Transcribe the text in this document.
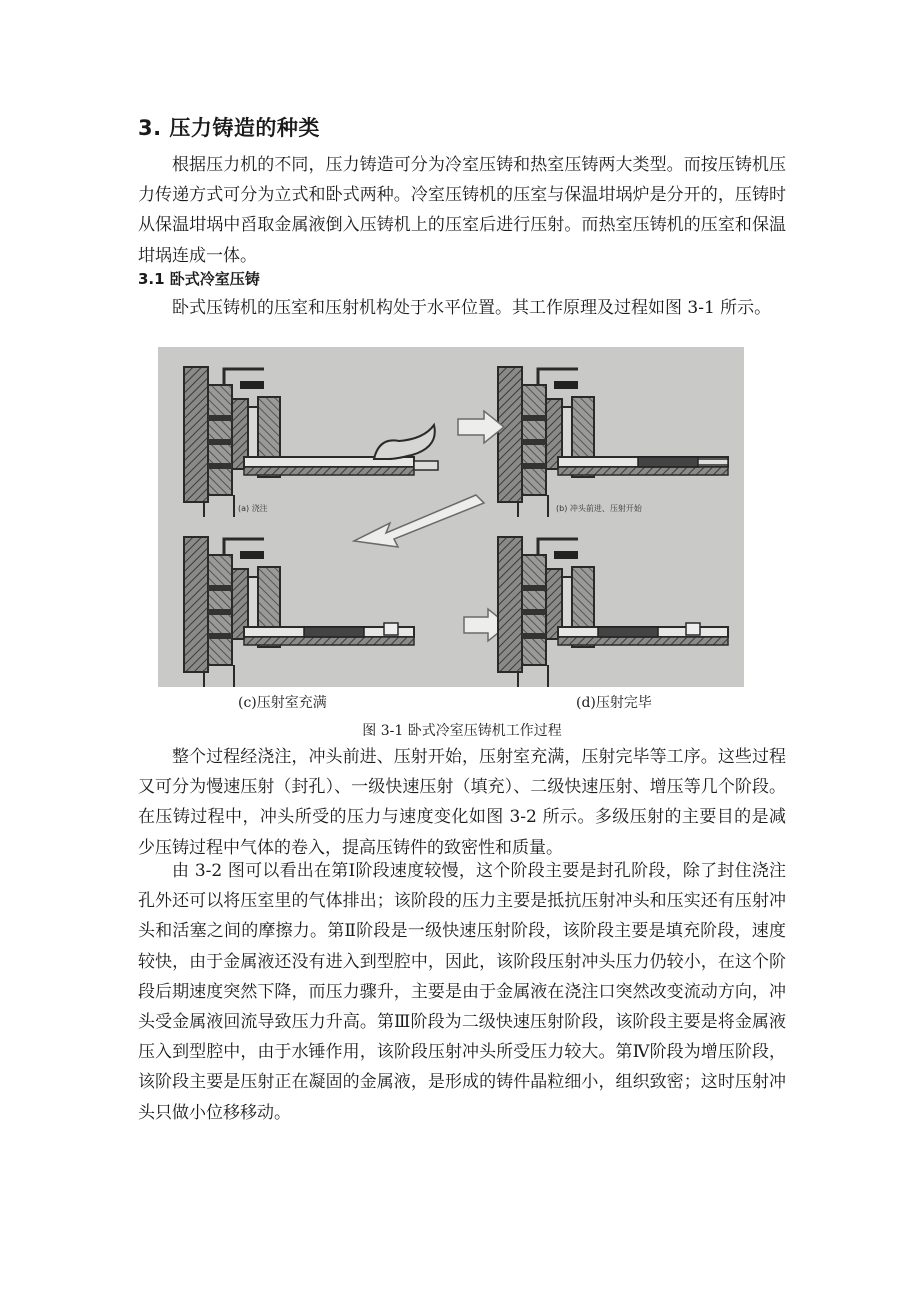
3. 压力铸造的种类

根据压力机的不同，压力铸造可分为冷室压铸和热室压铸两大类型。而按压铸机压力传递方式可分为立式和卧式两种。冷室压铸机的压室与保温坩埚炉是分开的，压铸时从保温坩埚中舀取金属液倒入压铸机上的压室后进行压射。而热室压铸机的压室和保温坩埚连成一体。

3.1 卧式冷室压铸

卧式压铸机的压室和压射机构处于水平位置。其工作原理及过程如图 3-1 所示。

(a) 浇注	(b) 冲头前进、压射开始
(c)压射室充满	(d)压射完毕
图 3-1 卧式冷室压铸机工作过程

整个过程经浇注，冲头前进、压射开始，压射室充满，压射完毕等工序。这些过程又可分为慢速压射（封孔）、一级快速压射（填充）、二级快速压射、增压等几个阶段。在压铸过程中，冲头所受的压力与速度变化如图 3-2 所示。多级压射的主要目的是减少压铸过程中气体的卷入，提高压铸件的致密性和质量。

由 3-2 图可以看出在第Ⅰ阶段速度较慢，这个阶段主要是封孔阶段，除了封住浇注孔外还可以将压室里的气体排出；该阶段的压力主要是抵抗压射冲头和压实还有压射冲头和活塞之间的摩擦力。第Ⅱ阶段是一级快速压射阶段，该阶段主要是填充阶段，速度较快，由于金属液还没有进入到型腔中，因此，该阶段压射冲头压力仍较小，在这个阶段后期速度突然下降，而压力骤升，主要是由于金属液在浇注口突然改变流动方向，冲头受金属液回流导致压力升高。第Ⅲ阶段为二级快速压射阶段，该阶段主要是将金属液压入到型腔中，由于水锤作用，该阶段压射冲头所受压力较大。第Ⅳ阶段为增压阶段，该阶段主要是压射正在凝固的金属液，是形成的铸件晶粒细小，组织致密；这时压射冲头只做小位移移动。
